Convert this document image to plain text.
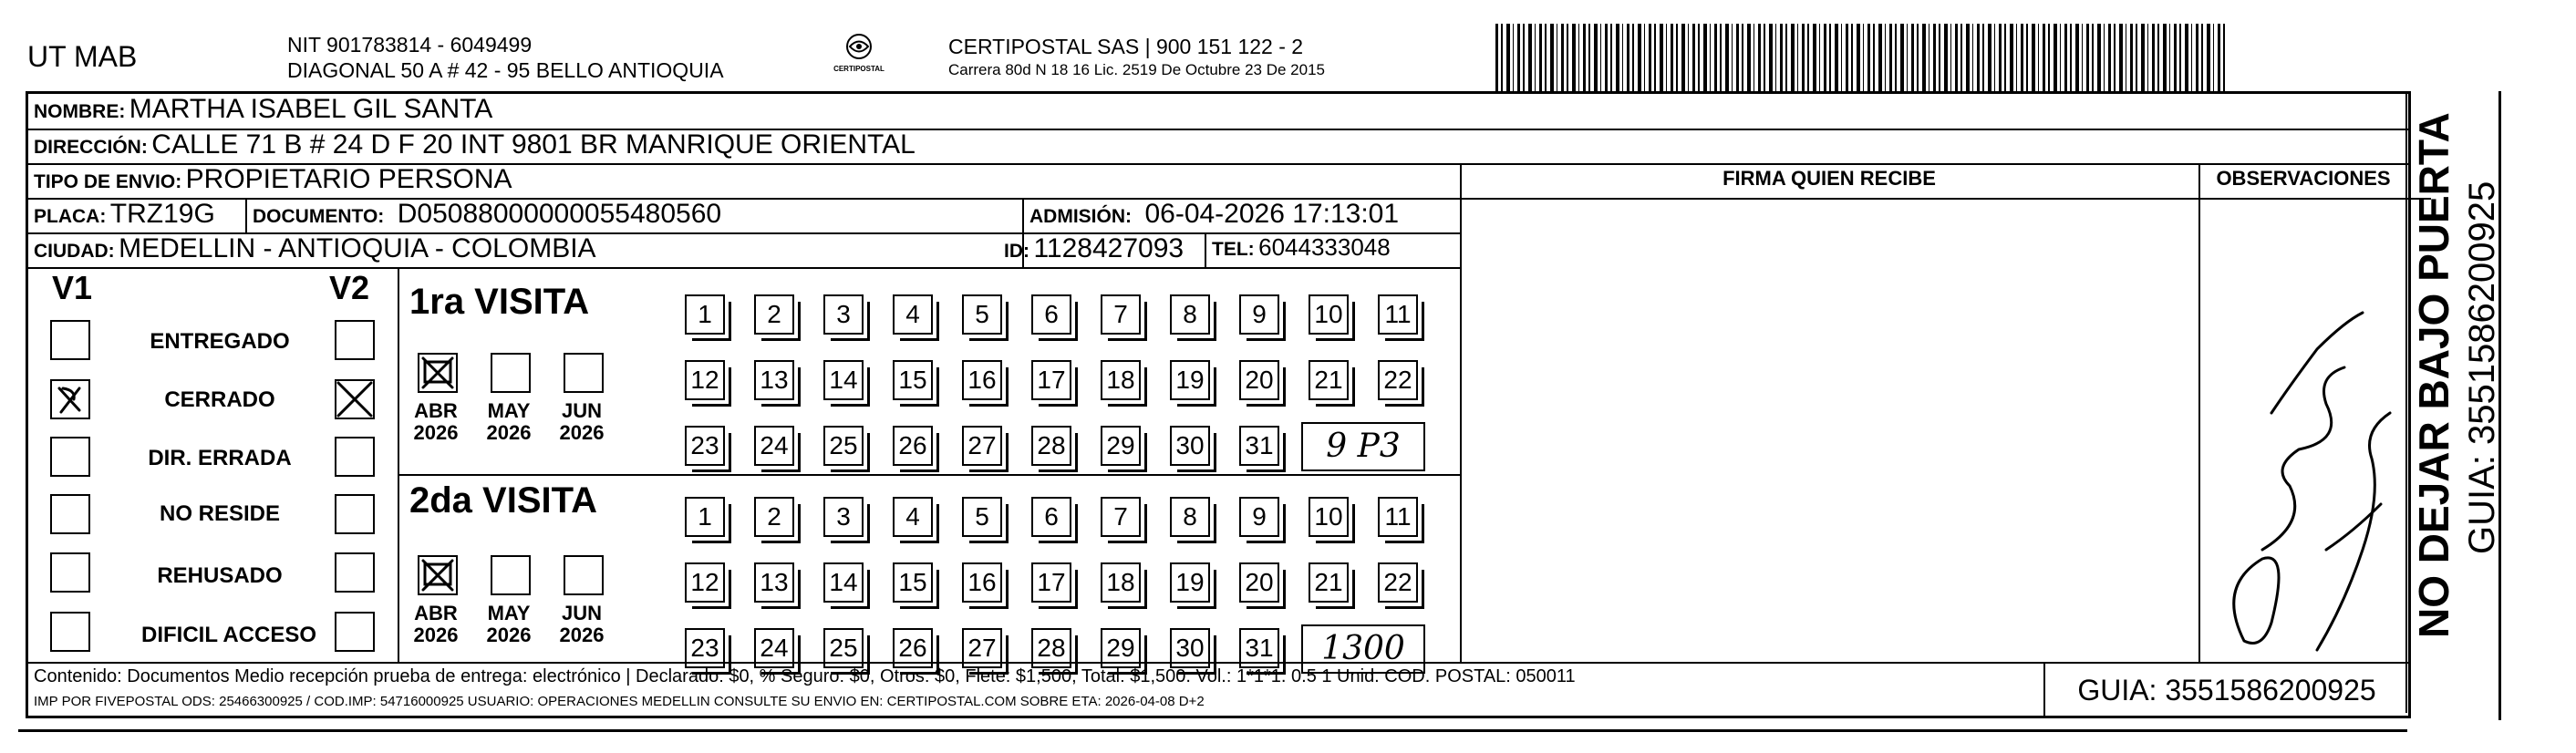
UT MAB	NIT 901783814 - 6049499
DIAGONAL 50 A # 42 - 95 BELLO ANTIOQUIA	CERTIPOSTAL
CERTIPOSTAL SAS | 900 151 122 - 2
Carrera 80d N 18 16 Lic. 2519 De Octubre 23 De 2015
NOMBRE: MARTHA ISABEL GIL SANTA
DIRECCIÓN: CALLE 71 B # 24 D F 20 INT 9801 BR MANRIQUE ORIENTAL
TIPO DE ENVIO: PROPIETARIO PERSONA	FIRMA QUIEN RECIBE	OBSERVACIONES
PLACA: TRZ19G DOCUMENTO: D05088000000055480560	ADMISIÓN: 06-04-2026 17:13:01
CIUDAD: MEDELLIN - ANTIOQUIA - COLOMBIA	ID: 1128427093 TEL: 6044333048
V1	V2
ENTREGADO
CERRADO
DIR. ERRADA
NO RESIDE
REHUSADO
DIFICIL ACCESO
1ra VISITA
ABR
2026
MAY
2026
JUN
2026
1	2	3	4	5	6	7	8	9	10 11
12 13 14 15 16 17 18 19 20 21 22
23 24 25 26 27 28 29 30 31	9 P3
2da VISITA
ABR
2026
MAY
2026
JUN
2026
1	2	3	4	5	6	7	8	9	10 11
12 13 14 15 16 17 18 19 20 21 22
23 24 25 26 27 28 29 30 31	1300
Contenido: Documentos Medio recepción prueba de entrega: electrónico | Declarado: $0, % Seguro: $0, Otros: $0, Flete: $1,500, Total: $1,500. Vol.: 1*1*1. 0.5 1 Unid. COD. POSTAL: 050011
IMP POR FIVEPOSTAL ODS: 25466300925 / COD.IMP: 54716000925 USUARIO: OPERACIONES MEDELLIN CONSULTE SU ENVIO EN: CERTIPOSTAL.COM SOBRE ETA: 2026-04-08 D+2	GUIA: 3551586200925
NO DEJAR BAJO PUERTA GUIA: 3551586200925
